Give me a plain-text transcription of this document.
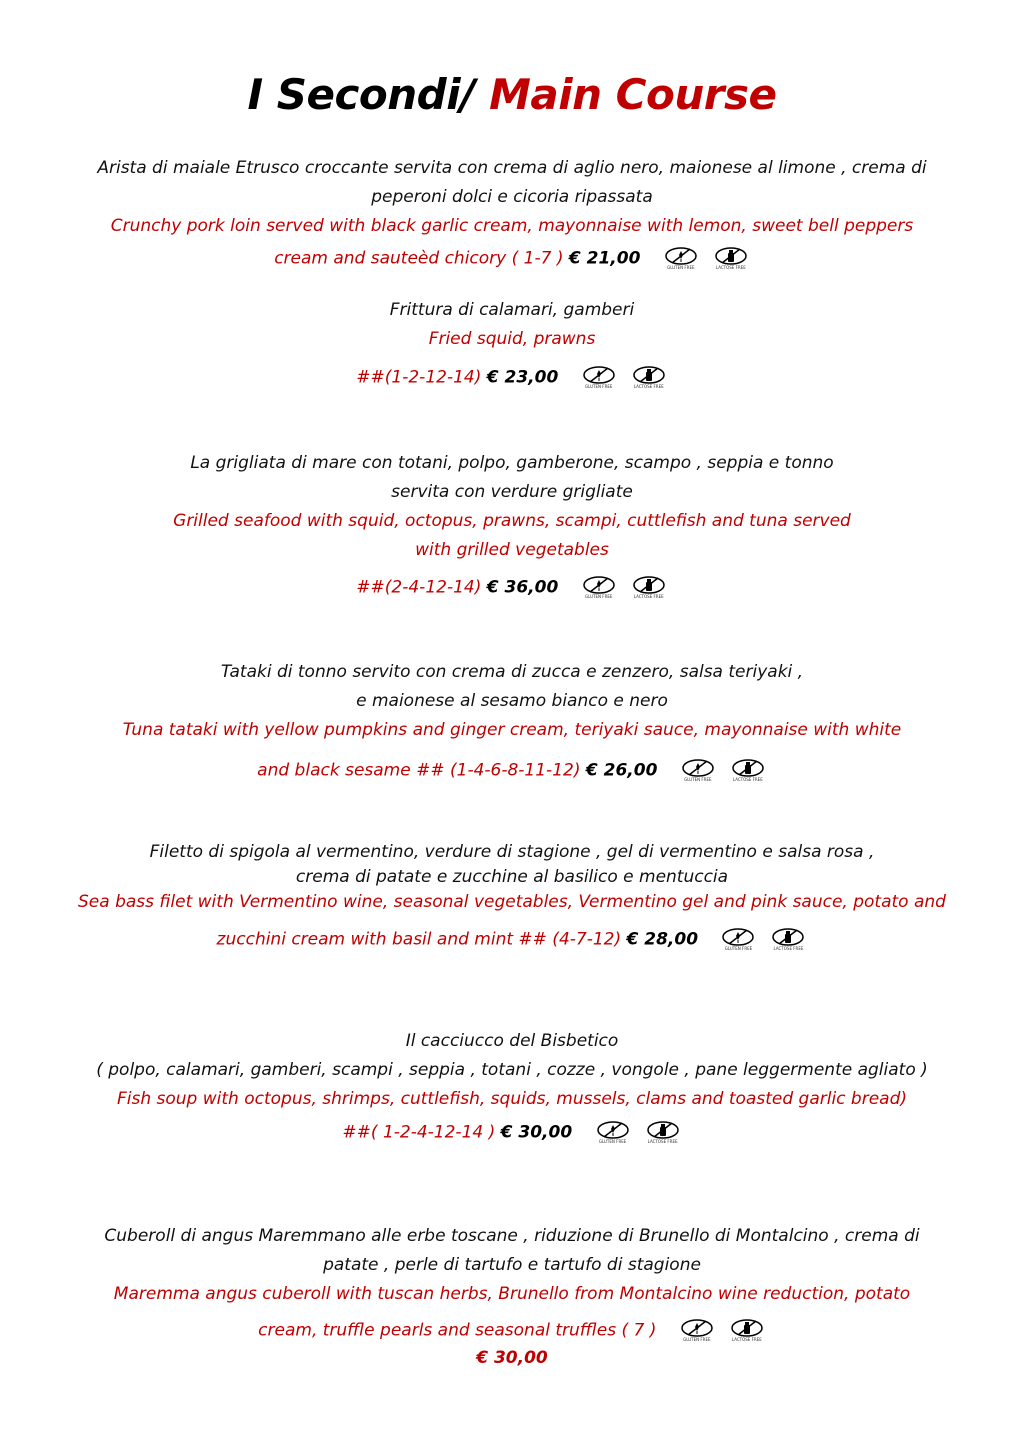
I Secondi/ Main Course
Arista di maiale Etrusco croccante servita con crema di aglio nero, maionese al limone , crema di
peperoni dolci e cicoria ripassata
Crunchy pork loin served with black garlic cream, mayonnaise with lemon, sweet bell peppers
cream and sauteèd chicory ( 1-7 ) € 21,00	GLUTEN FREE	LACTOSE FREE
Frittura di calamari, gamberi
Fried squid, prawns
##(1-2-12-14) € 23,00	GLUTEN FREE	LACTOSE FREE
La grigliata di mare con totani, polpo, gamberone, scampo , seppia e tonno
servita con verdure grigliate
Grilled seafood with squid, octopus, prawns, scampi, cuttlefish and tuna served
with grilled vegetables
##(2-4-12-14) € 36,00	GLUTEN FREE	LACTOSE FREE
Tataki di tonno servito con crema di zucca e zenzero, salsa teriyaki ,
e maionese al sesamo bianco e nero
Tuna tataki with yellow pumpkins and ginger cream, teriyaki sauce, mayonnaise with white
and black sesame ## (1-4-6-8-11-12) € 26,00	GLUTEN FREE	LACTOSE FREE
Filetto di spigola al vermentino, verdure di stagione , gel di vermentino e salsa rosa ,
crema di patate e zucchine al basilico e mentuccia
Sea bass filet with Vermentino wine, seasonal vegetables, Vermentino gel and pink sauce, potato and
zucchini cream with basil and mint ## (4-7-12) € 28,00	GLUTEN FREE	LACTOSE FREE
Il cacciucco del Bisbetico
( polpo, calamari, gamberi, scampi , seppia , totani , cozze , vongole , pane leggermente agliato )
Fish soup with octopus, shrimps, cuttlefish, squids, mussels, clams and toasted garlic bread)
##( 1-2-4-12-14 ) € 30,00	GLUTEN FREE	LACTOSE FREE
Cuberoll di angus Maremmano alle erbe toscane , riduzione di Brunello di Montalcino , crema di
patate , perle di tartufo e tartufo di stagione
Maremma angus cuberoll with tuscan herbs, Brunello from Montalcino wine reduction, potato
cream, truffle pearls and seasonal truffles ( 7 )	GLUTEN FREE	LACTOSE FREE
€ 30,00
